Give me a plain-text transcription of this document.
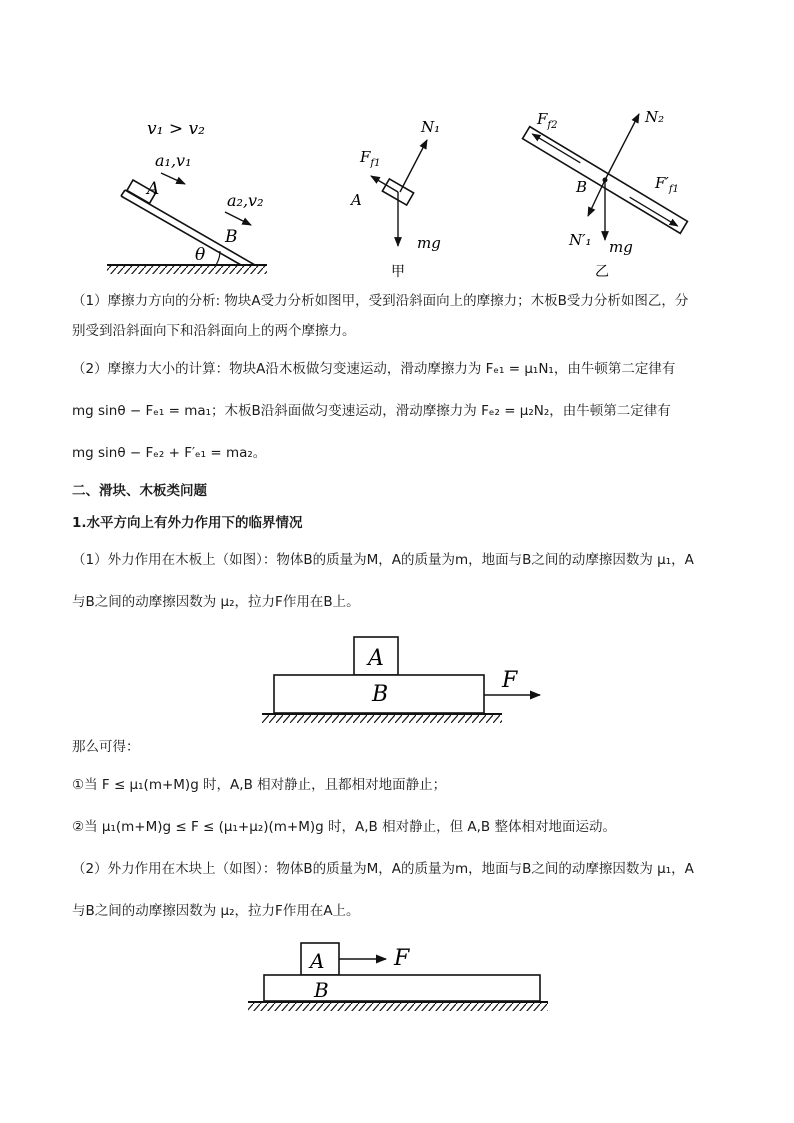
v₁ > v₂
a₁,v₁
A
a₂,v₂
B
θ
N₁
$F_{f1}$
A
mg
甲
$F_{f2}$	N₂
B	$F'_{f1}$
N′₁ mg
乙
（1）摩擦力方向的分析: 物块A受力分析如图甲，受到沿斜面向上的摩擦力；木板B受力分析如图乙，分
别受到沿斜面向下和沿斜面向上的两个摩擦力。
（2）摩擦力大小的计算：物块A沿木板做匀变速运动，滑动摩擦力为 Fₑ₁ = μ₁N₁，由牛顿第二定律有
mg sinθ − Fₑ₁ = ma₁；木板B沿斜面做匀变速运动，滑动摩擦力为 Fₑ₂ = μ₂N₂，由牛顿第二定律有
mg sinθ − Fₑ₂ + F′ₑ₁ = ma₂。
二、滑块、木板类问题
1.水平方向上有外力作用下的临界情况
（1）外力作用在木板上（如图）：物体B的质量为M，A的质量为m，地面与B之间的动摩擦因数为 μ₁，A
与B之间的动摩擦因数为 μ₂，拉力F作用在B上。
A
B
F
那么可得：
①当 F ≤ μ₁(m+M)g 时，A,B 相对静止，且都相对地面静止；
②当 μ₁(m+M)g ≤ F ≤ (μ₁+μ₂)(m+M)g 时，A,B 相对静止，但 A,B 整体相对地面运动。
（2）外力作用在木块上（如图）：物体B的质量为M，A的质量为m，地面与B之间的动摩擦因数为 μ₁，A
与B之间的动摩擦因数为 μ₂，拉力F作用在A上。
A
B
F
